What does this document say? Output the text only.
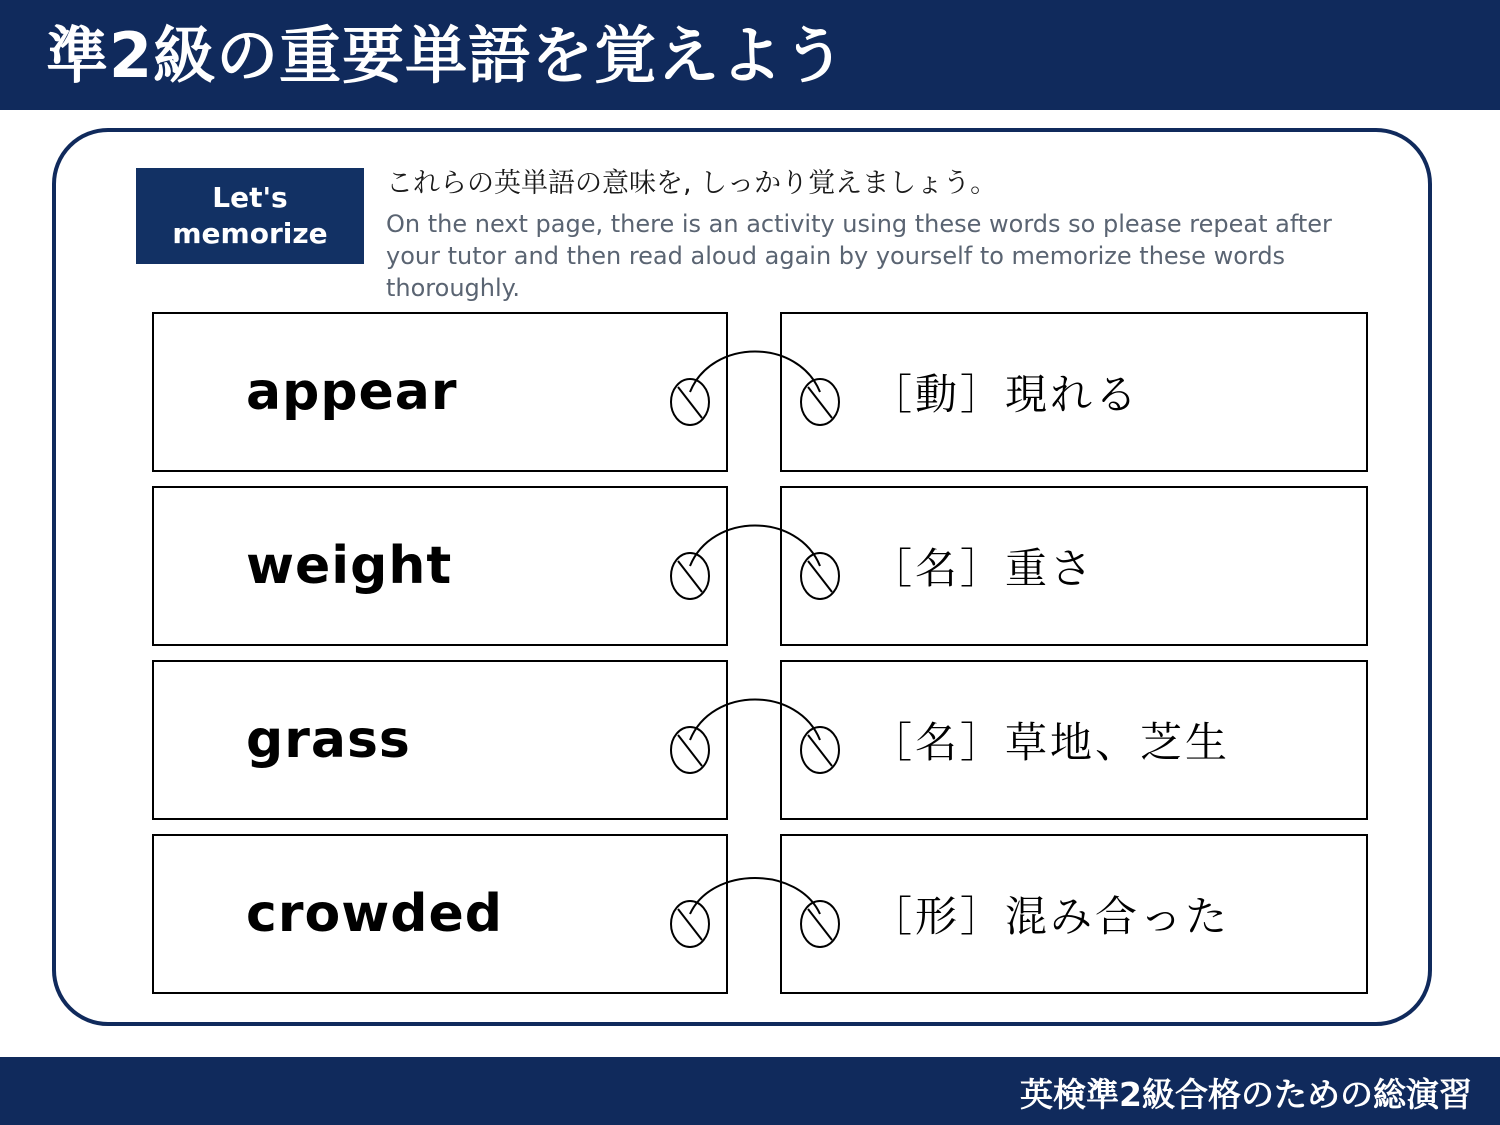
準2級の重要単語を覚えよう
Let's
memorize
これらの英単語の意味を, しっかり覚えましょう。
On the next page, there is an activity using these words so please repeat after your tutor and then read aloud again by yourself to memorize these words thoroughly.
appear	［動］現れる
weight	［名］重さ
grass	［名］草地、芝生
crowded	［形］混み合った
英検準2級合格のための総演習
